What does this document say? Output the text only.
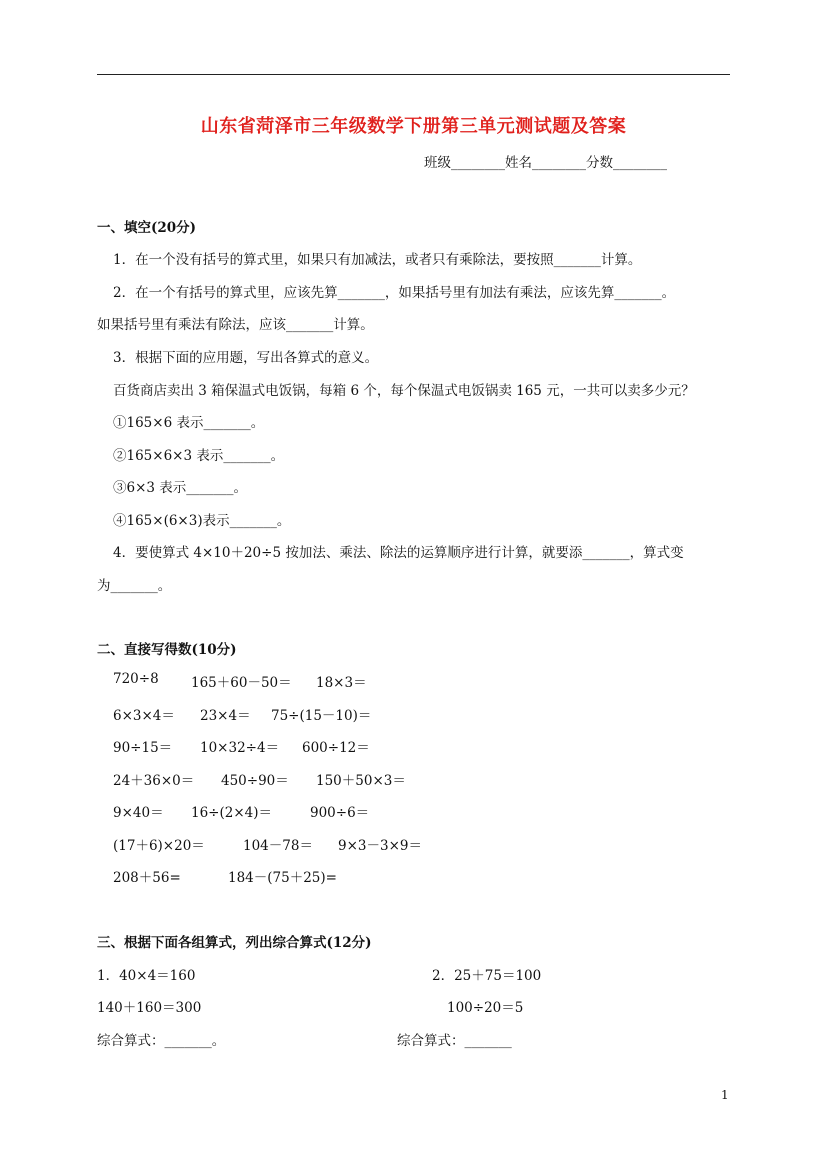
山东省菏泽市三年级数学下册第三单元测试题及答案
班级________姓名________分数________
一、填空(20分)
1．在一个没有括号的算式里，如果只有加减法，或者只有乘除法，要按照_______计算。
2．在一个有括号的算式里，应该先算_______，如果括号里有加法有乘法，应该先算_______。
如果括号里有乘法有除法，应该_______计算。
3．根据下面的应用题，写出各算式的意义。
百货商店卖出 3 箱保温式电饭锅，每箱 6 个，每个保温式电饭锅卖 165 元，一共可以卖多少元？
①165×6 表示_______。
②165×6×3 表示_______。
③6×3 表示_______。
④165×(6×3)表示_______。
4．要使算式 4×10＋20÷5 按加法、乘法、除法的运算顺序进行计算，就要添_______，算式变
为_______。
二、直接写得数(10分)
720÷8 165＋60－50＝ 18×3＝
6×3×4＝ 23×4＝ 75÷(15－10)＝
90÷15＝ 10×32÷4＝ 600÷12＝
24＋36×0＝ 450÷90＝ 150＋50×3＝
9×40＝ 16÷(2×4)＝	900÷6＝
(17＋6)×20＝	104－78＝ 9×3－3×9＝
208＋56=	184－(75＋25)=
三、根据下面各组算式，列出综合算式(12分)
1．40×4＝160
140＋160＝300
综合算式：_______。
2．25＋75＝100
100÷20＝5
综合算式：_______
1
